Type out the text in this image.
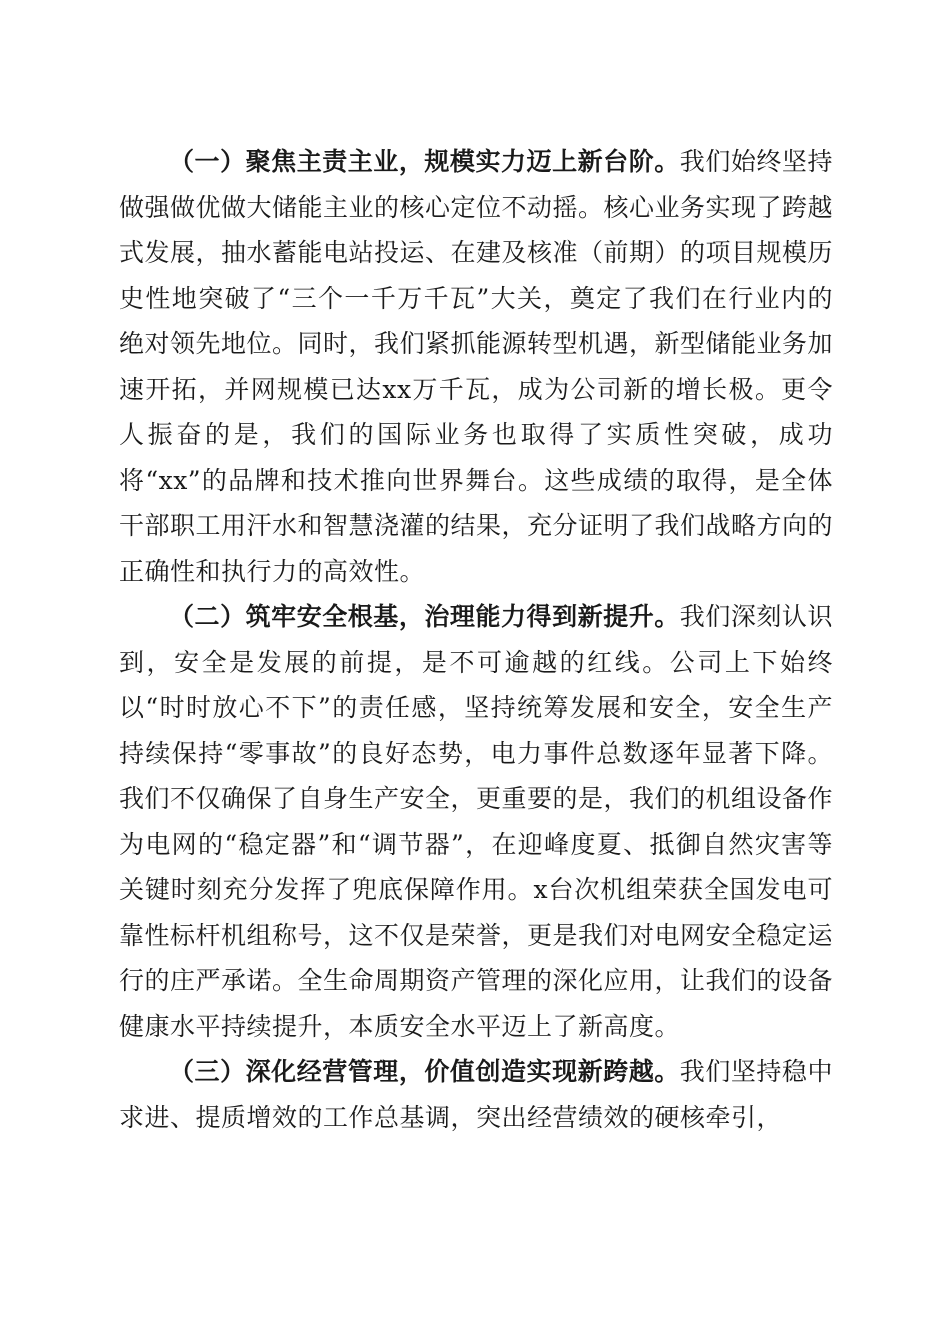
（一）聚焦主责主业，规模实力迈上新台阶。我们始终坚持做强做优做大储能主业的核心定位不动摇。核心业务实现了跨越式发展，抽水蓄能电站投运、在建及核准（前期）的项目规模历史性地突破了“三个一千万千瓦”大关，奠定了我们在行业内的绝对领先地位。同时，我们紧抓能源转型机遇，新型储能业务加速开拓，并网规模已达xx万千瓦，成为公司新的增长极。更令人振奋的是，我们的国际业务也取得了实质性突破，成功将“xx”的品牌和技术推向世界舞台。这些成绩的取得，是全体干部职工用汗水和智慧浇灌的结果，充分证明了我们战略方向的正确性和执行力的高效性。

（二）筑牢安全根基，治理能力得到新提升。我们深刻认识到，安全是发展的前提，是不可逾越的红线。公司上下始终以“时时放心不下”的责任感，坚持统筹发展和安全，安全生产持续保持“零事故”的良好态势，电力事件总数逐年显著下降。我们不仅确保了自身生产安全，更重要的是，我们的机组设备作为电网的“稳定器”和“调节器”，在迎峰度夏、抵御自然灾害等关键时刻充分发挥了兜底保障作用。x台次机组荣获全国发电可靠性标杆机组称号，这不仅是荣誉，更是我们对电网安全稳定运行的庄严承诺。全生命周期资产管理的深化应用，让我们的设备健康水平持续提升，本质安全水平迈上了新高度。

（三）深化经营管理，价值创造实现新跨越。我们坚持稳中求进、提质增效的工作总基调，突出经营绩效的硬核牵引，
